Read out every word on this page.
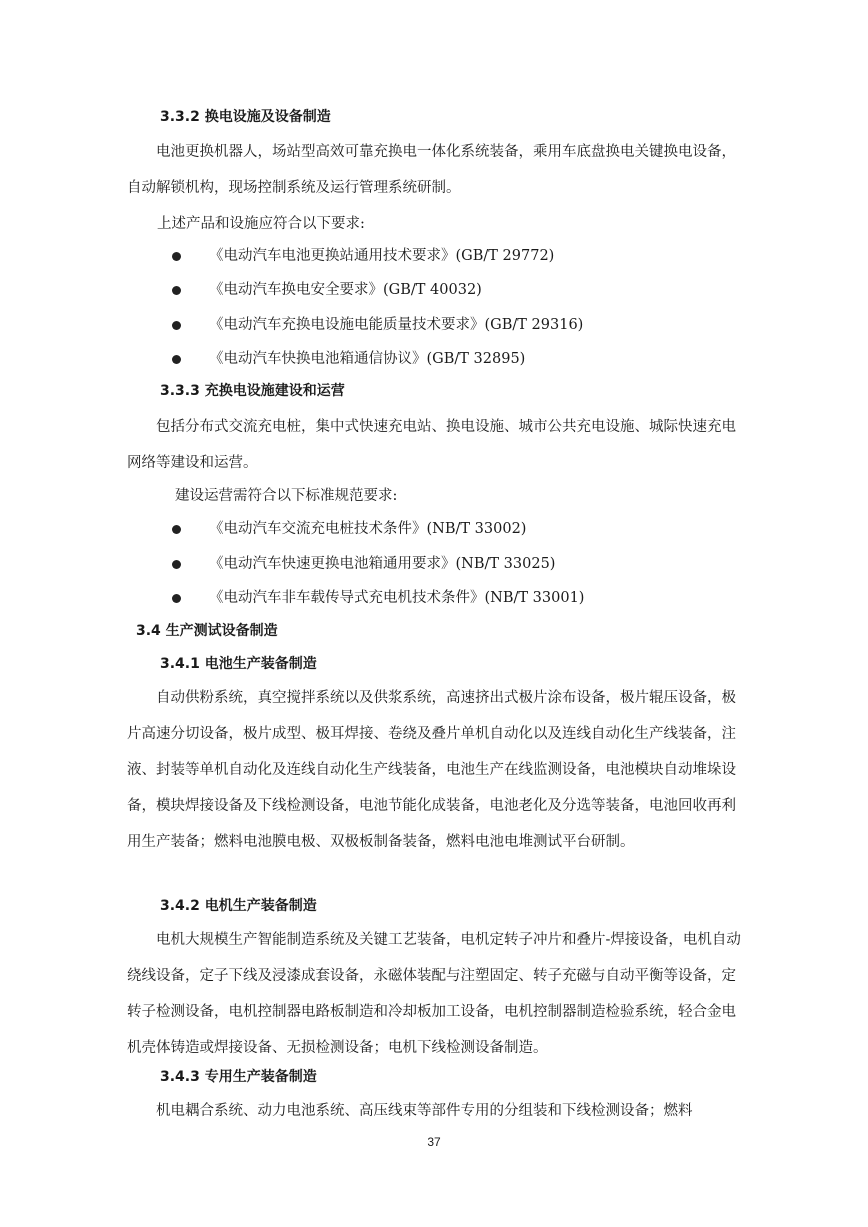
3.3.2 换电设施及设备制造
电池更换机器人，场站型高效可靠充换电一体化系统装备，乘用车底盘换电关键换电设备，自动解锁机构，现场控制系统及运行管理系统研制。
上述产品和设施应符合以下要求:
《电动汽车电池更换站通用技术要求》(GB/T 29772)
《电动汽车换电安全要求》(GB/T 40032)
《电动汽车充换电设施电能质量技术要求》(GB/T 29316)
《电动汽车快换电池箱通信协议》(GB/T 32895)
3.3.3 充换电设施建设和运营
包括分布式交流充电桩，集中式快速充电站、换电设施、城市公共充电设施、城际快速充电网络等建设和运营。
建设运营需符合以下标准规范要求:
《电动汽车交流充电桩技术条件》(NB/T 33002)
《电动汽车快速更换电池箱通用要求》(NB/T 33025)
《电动汽车非车载传导式充电机技术条件》(NB/T 33001)
3.4 生产测试设备制造
3.4.1 电池生产装备制造
自动供粉系统，真空搅拌系统以及供浆系统，高速挤出式极片涂布设备，极片辊压设备，极片高速分切设备，极片成型、极耳焊接、卷绕及叠片单机自动化以及连线自动化生产线装备，注液、封装等单机自动化及连线自动化生产线装备，电池生产在线监测设备，电池模块自动堆垛设备，模块焊接设备及下线检测设备，电池节能化成装备，电池老化及分选等装备，电池回收再利用生产装备；燃料电池膜电极、双极板制备装备，燃料电池电堆测试平台研制。
3.4.2 电机生产装备制造
电机大规模生产智能制造系统及关键工艺装备，电机定转子冲片和叠片-焊接设备，电机自动绕线设备，定子下线及浸漆成套设备，永磁体装配与注塑固定、转子充磁与自动平衡等设备，定转子检测设备，电机控制器电路板制造和冷却板加工设备，电机控制器制造检验系统，轻合金电机壳体铸造或焊接设备、无损检测设备；电机下线检测设备制造。
3.4.3 专用生产装备制造
机电耦合系统、动力电池系统、高压线束等部件专用的分组装和下线检测设备；燃料
37
